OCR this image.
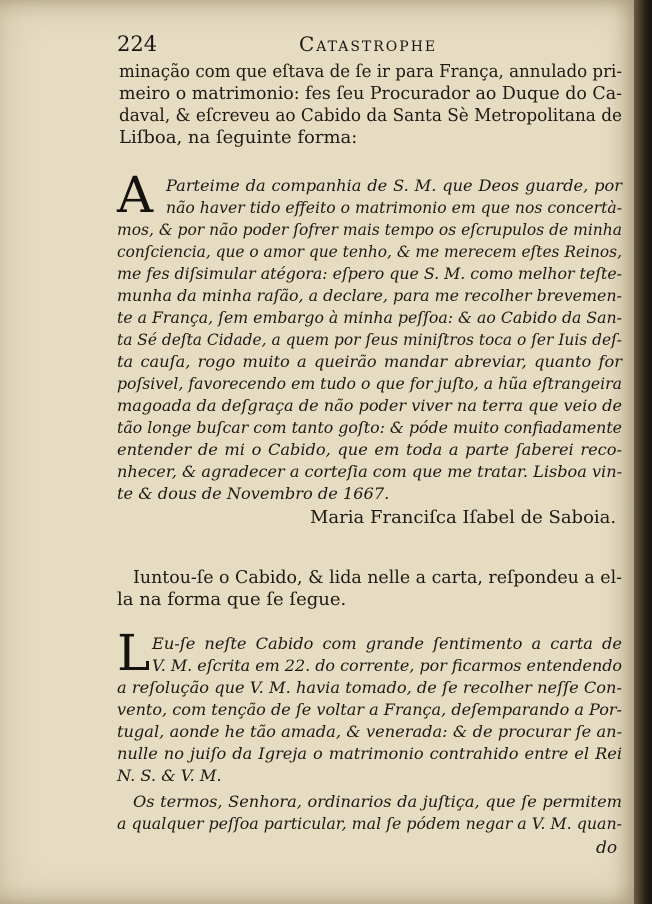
224	Catastrophe
minação com que eſtava de ſe ir para França, annulado pri-
meiro o matrimonio: fes ſeu Procurador ao Duque do Ca-
daval, & eſcreveu ao Cabido da Santa Sè Metropolitana de
Liſboa, na ſeguinte forma:
A Parteime da companhia de S. M. que Deos guarde, por
não haver tido effeito o matrimonio em que nos concertà-
mos, & por não poder ſofrer mais tempo os eſcrupulos de minha
conſciencia, que o amor que tenho, & me merecem eſtes Reinos,
me fes diſsimular atégora: eſpero que S. M. como melhor teſte-
munha da minha raſão, a declare, para me recolher brevemen-
te a França, ſem embargo à minha peſſoa: & ao Cabido da San-
ta Sé deſta Cidade, a quem por ſeus miniſtros toca o ſer Iuis deſ-
ta cauſa, rogo muito a queirão mandar abreviar, quanto for
poſsivel, favorecendo em tudo o que for juſto, a hũa eſtrangeira
magoada da deſgraça de não poder viver na terra que veio de
tão longe buſcar com tanto goſto: & póde muito confiadamente
entender de mi o Cabido, que em toda a parte ſaberei reco-
nhecer, & agradecer a corteſia com que me tratar. Lisboa vin-
te & dous de Novembro de 1667.
Maria Franciſca Iſabel de Saboia.
Iuntou-ſe o Cabido, & lida nelle a carta, reſpondeu a el-
la na forma que ſe ſegue.
L Eu-ſe neſte Cabido com grande ſentimento a carta de
V. M. eſcrita em 22. do corrente, por ficarmos entendendo
a reſolução que V. M. havia tomado, de ſe recolher neſſe Con-
vento, com tenção de ſe voltar a França, deſemparando a Por-
tugal, aonde he tão amada, & venerada: & de procurar ſe an-
nulle no juiſo da Igreja o matrimonio contrahido entre el Rei
N. S. & V. M.
Os termos, Senhora, ordinarios da juſtiça, que ſe permitem
a qualquer peſſoa particular, mal ſe pódem negar a V. M. quan-
do
